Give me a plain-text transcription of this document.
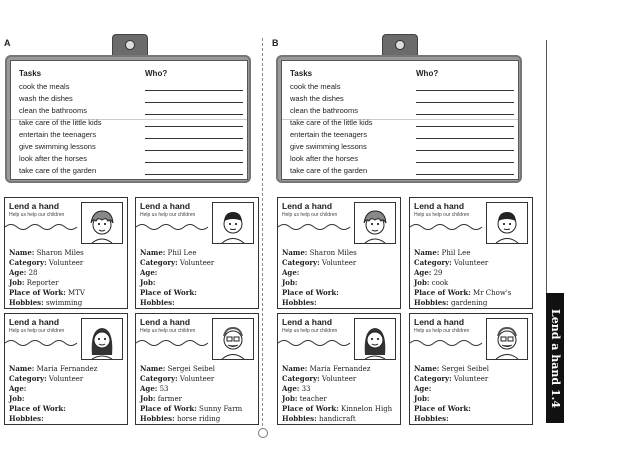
A	B
Tasks	Who?
cook the meals
wash the dishes
clean the bathrooms
take care of the little kids
entertain the teenagers
give swimming lessons
look after the horses
take care of the garden
Tasks	Who?
cook the meals
wash the dishes
clean the bathrooms
take care of the little kids
entertain the teenagers
give swimming lessons
look after the horses
take care of the garden
Lend a hand
Help us help our children
Name: Sharon Miles
Category: Volunteer
Age: 28
Job: Reporter
Place of Work: MTV
Hobbies: swimming
Lend a hand
Help us help our children
Name: Phil Lee
Category: Volunteer
Age:
Job:
Place of Work:
Hobbies:
Lend a hand
Help us help our children
Name: Maria Fernandez
Category: Volunteer
Age:
Job:
Place of Work:
Hobbies:
Lend a hand
Help us help our children
Name: Sergei Seibel
Category: Volunteer
Age: 53
Job: farmer
Place of Work: Sunny Farm
Hobbies: horse riding
Lend a hand
Help us help our children
Name: Sharon Miles
Category: Volunteer
Age:
Job:
Place of Work:
Hobbies:
Lend a hand
Help us help our children
Name: Phil Lee
Category: Volunteer
Age: 29
Job: cook
Place of Work: Mr Chow's
Hobbies: gardening
Lend a hand
Help us help our children
Name: Maria Fernandez
Category: Volunteer
Age: 33
Job: teacher
Place of Work: Kinnelon High
Hobbies: handicraft
Lend a hand
Help us help our children
Name: Sergei Seibel
Category: Volunteer
Age:
Job:
Place of Work:
Hobbies:
Lend a hand 1.4
